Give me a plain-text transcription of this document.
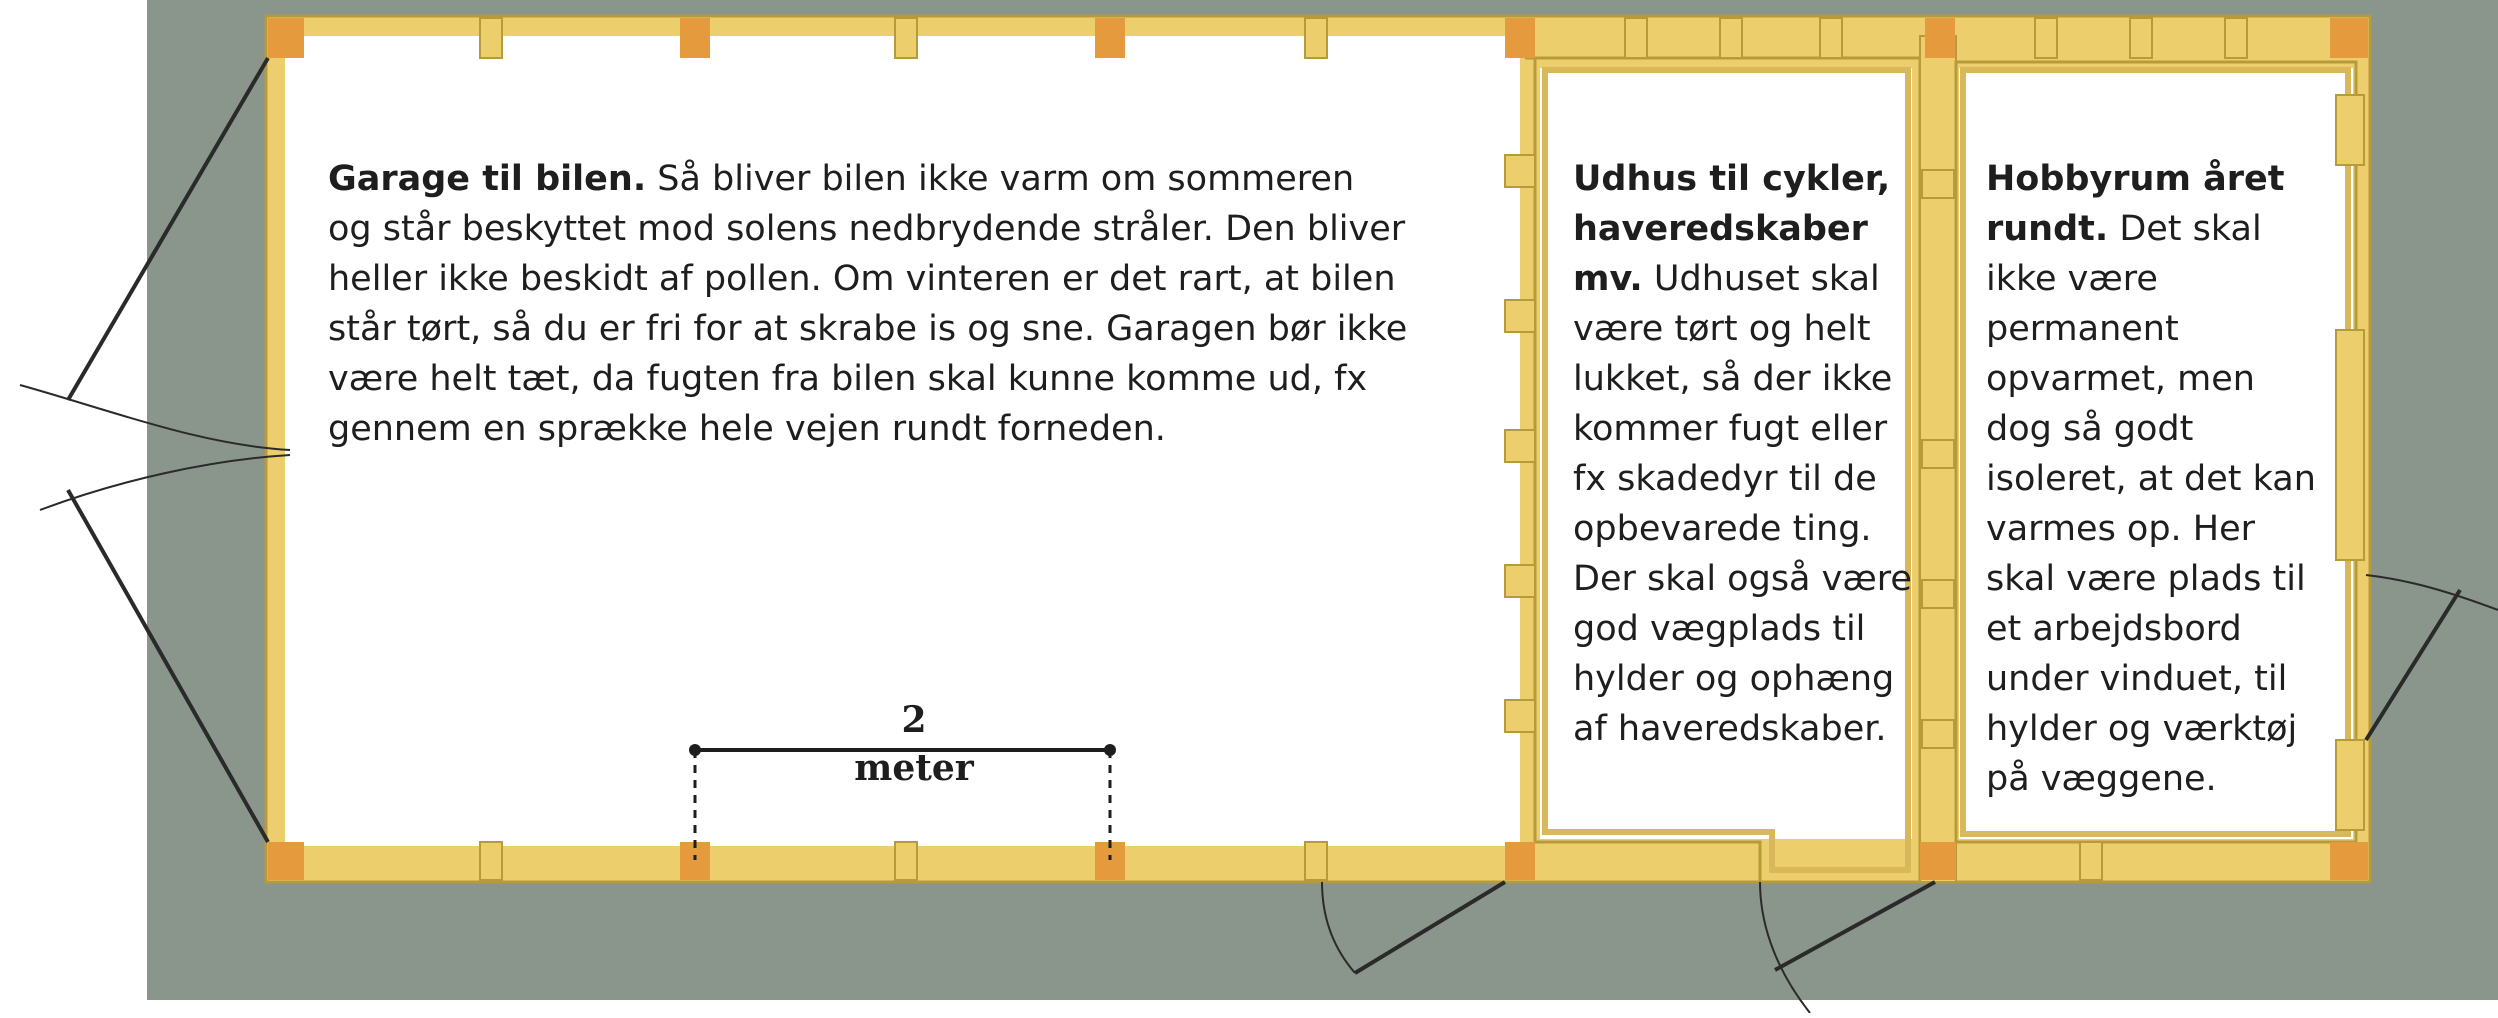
Garage til bilen. Så bliver bilen ikke varm om sommeren og står beskyttet mod solens nedbrydende stråler. Den bliver heller ikke beskidt af pollen. Om vinteren er det rart, at bilen står tørt, så du er fri for at skrabe is og sne. Garagen bør ikke være helt tæt, da fugten fra bilen skal kunne komme ud, fx gennem en sprække hele vejen rundt forneden.

Udhus til cykler, haveredskaber mv. Udhuset skal være tørt og helt lukket, så der ikke kommer fugt eller fx skadedyr til de opbevarede ting. Der skal også være god vægplads til hylder og ophæng af haveredskaber.

Hobbyrum året rundt. Det skal ikke være permanent opvarmet, men dog så godt isoleret, at det kan varmes op. Her skal være plads til et arbejdsbord under vinduet, til hylder og værktøj på væggene.

2 meter
